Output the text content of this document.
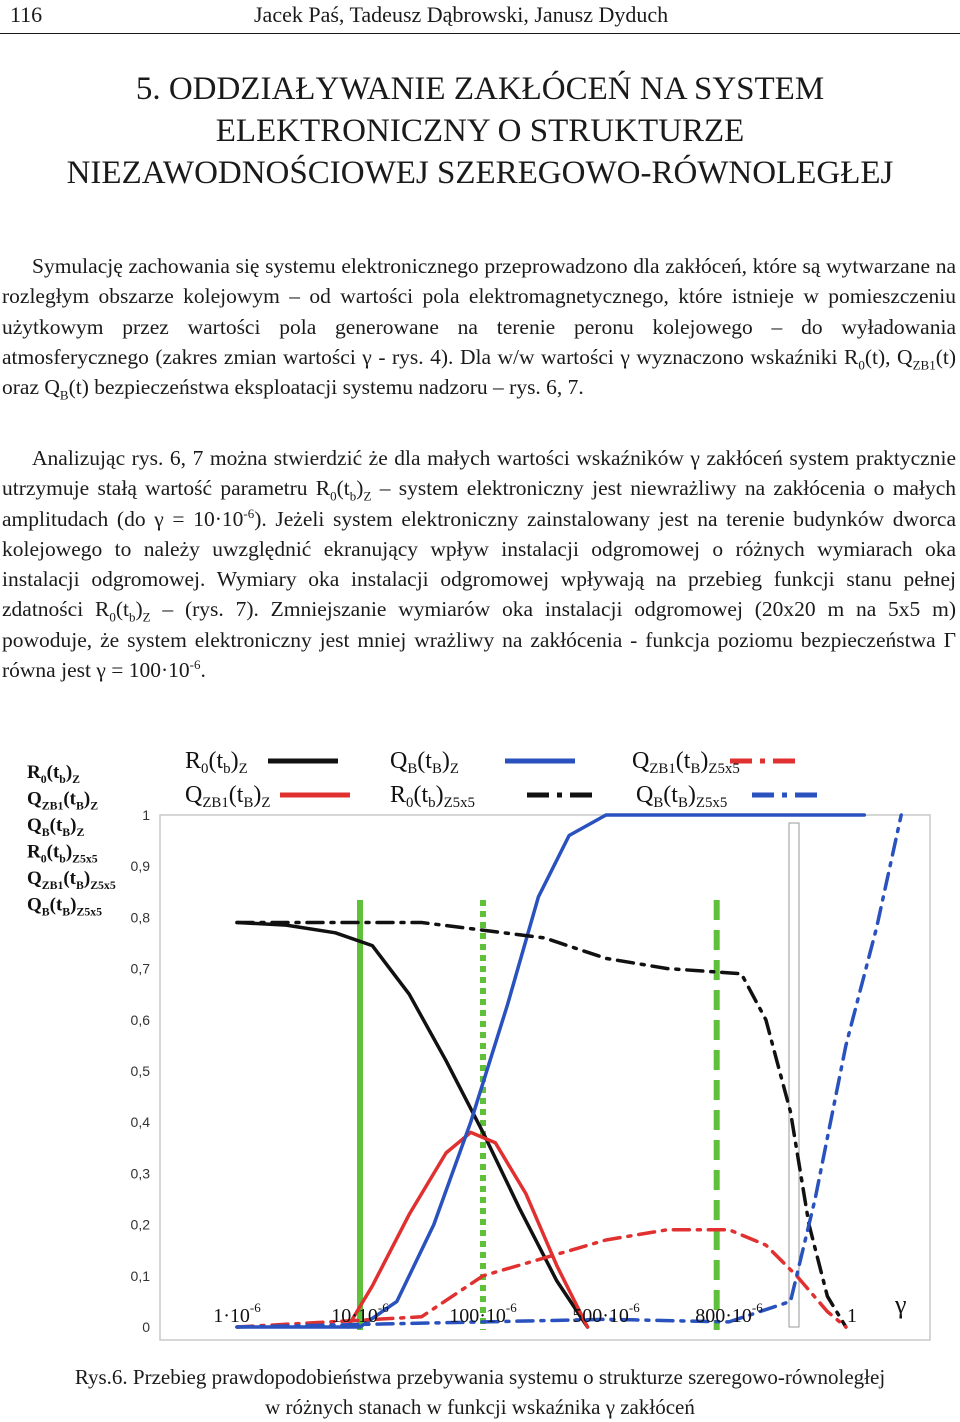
116	Jacek Paś, Tadeusz Dąbrowski, Janusz Dyduch
5. ODDZIAŁYWANIE ZAKŁÓCEŃ NA SYSTEM
ELEKTRONICZNY O STRUKTURZE
NIEZAWODNOŚCIOWEJ SZEREGOWO-RÓWNOLEGŁEJ

Symulację zachowania się systemu elektronicznego przeprowadzono dla zakłóceń, które są wytwarzane na rozległym obszarze kolejowym – od wartości pola elektromagnetycznego, które istnieje w pomieszczeniu użytkowym przez wartości pola generowane na terenie peronu kolejowego – do wyładowania atmosferycznego (zakres zmian wartości γ - rys. 4). Dla w/w wartości γ wyznaczono wskaźniki $R_0(t)$, $Q_{ZB1}(t)$ oraz $Q_B(t)$ bezpieczeństwa eksploatacji systemu nadzoru – rys. 6, 7.

Analizując rys. 6, 7 można stwierdzić że dla małych wartości wskaźników γ zakłóceń system praktycznie utrzymuje stałą wartość parametru $R_0(t_b)_Z$ – system elektroniczny jest niewrażliwy na zakłócenia o małych amplitudach (do $\gamma = 10\cdot 10^{-6}$). Jeżeli system elektroniczny zainstalowany jest na terenie budynków dworca kolejowego to należy uwzględnić ekranujący wpływ instalacji odgromowej o różnych wymiarach oka instalacji odgromowej. Wymiary oka instalacji odgromowej wpływają na przebieg funkcji stanu pełnej zdatności $R_0(t_b)_Z - (rys$. 7). Zmniejszanie wymiarów oka instalacji odgromowej (20x20 m na 5x5 m) powoduje, że system elektroniczny jest mniej wrażliwy na zakłócenia - funkcja poziomu bezpieczeństwa Γ równa jest $\gamma = 100\cdot 10^{-6}$.

$R_0(t_b)_Z$
$Q_{ZB1}(t_B)_Z$
$Q_B(t_B)_Z$
$R_0(t_b)_{Z5x5}$
$Q_{ZB1}(t_B)_{Z5x5}$
$Q_B(t_B)_{Z5x5}$
R0(tb)Z
QZB1(tB)Z
QB(tB)Z
R0(tb)Z5x5
QZB1(tB)Z5x5
QB(tB)Z5x5
0
0,1
0,2
0,3
0,4
0,5
0,6
0,7
0,8
0,9
1
$1\cdot 10^{-6}$	$10\cdot 10^{-6}$	$100\cdot 10^{-6}$	$500\cdot 10^{-6}$	$800\cdot 10^{-6}$	1 γ
Rys.6. Przebieg prawdopodobieństwa przebywania systemu o strukturze szeregowo-równoległej
w różnych stanach w funkcji wskaźnika γ zakłóceń
